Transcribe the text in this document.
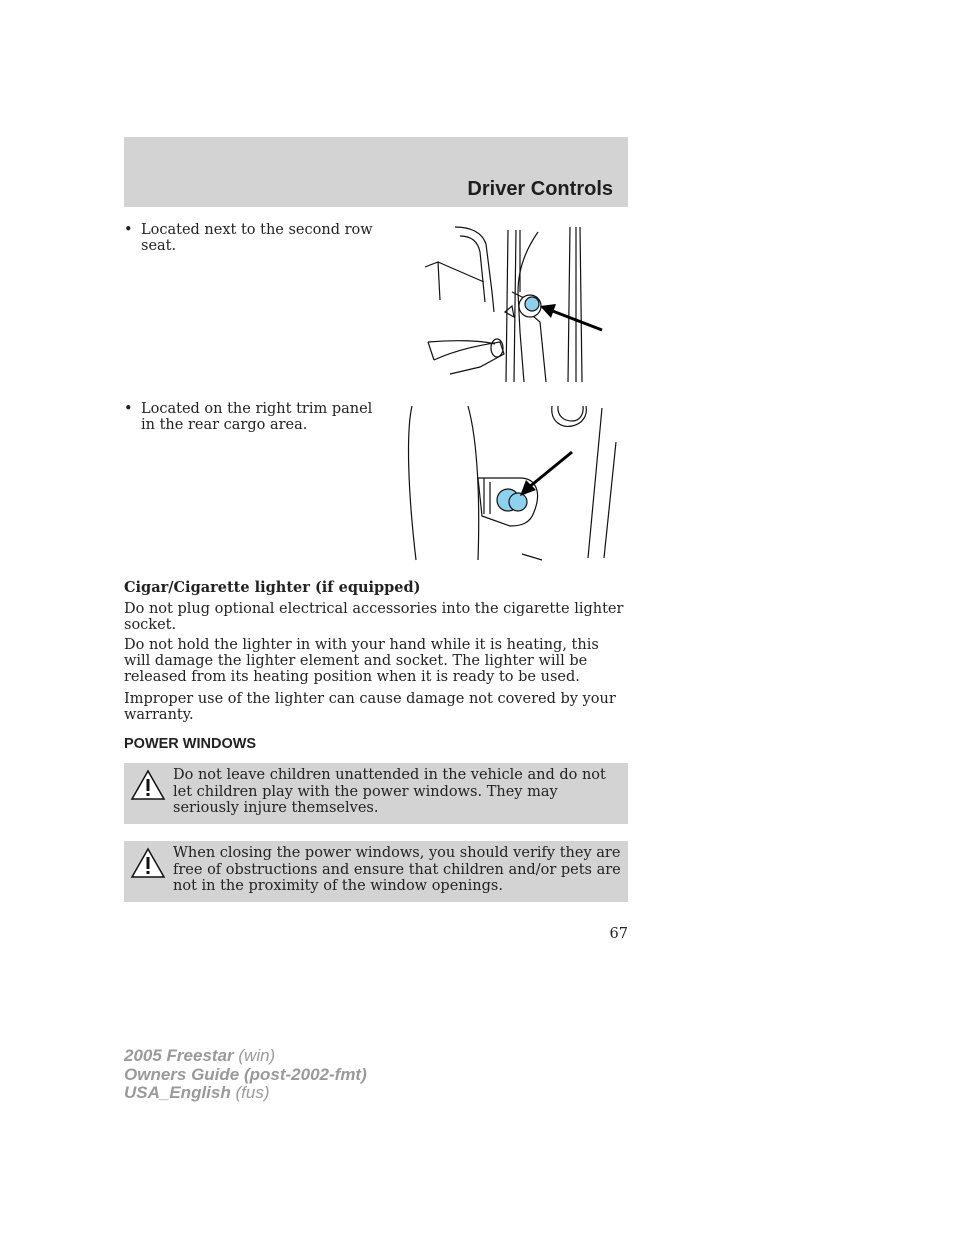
Driver Controls
• Located next to the second row seat.
• Located on the right trim panel in the rear cargo area.

Cigar/Cigarette lighter (if equipped)

Do not plug optional electrical accessories into the cigarette lighter socket.

Do not hold the lighter in with your hand while it is heating, this will damage the lighter element and socket. The lighter will be released from its heating position when it is ready to be used.

Improper use of the lighter can cause damage not covered by your warranty.

POWER WINDOWS
Do not leave children unattended in the vehicle and do not let children play with the power windows. They may seriously injure themselves.
When closing the power windows, you should verify they are free of obstructions and ensure that children and/or pets are not in the proximity of the window openings.
67
2005 Freestar (win)
Owners Guide (post-2002-fmt)
USA_English (fus)
